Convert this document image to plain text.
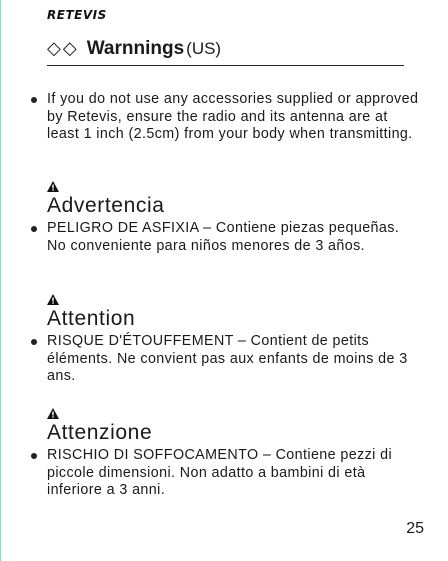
RETEVIS
◇◇ Warnnings (US)
If you do not use any accessories supplied or approved by Retevis, ensure the radio and its antenna are at least 1 inch (2.5cm) from your body when transmitting.
Advertencia
PELIGRO DE ASFIXIA – Contiene piezas pequeñas.
No conveniente para niños menores de 3 años.
Attention
RISQUE D'ÉTOUFFEMENT – Contient de petits éléments. Ne convient pas aux enfants de moins de 3 ans.
Attenzione
RISCHIO DI SOFFOCAMENTO – Contiene pezzi di piccole dimensioni. Non adatto a bambini di età inferiore a 3 anni.
25
